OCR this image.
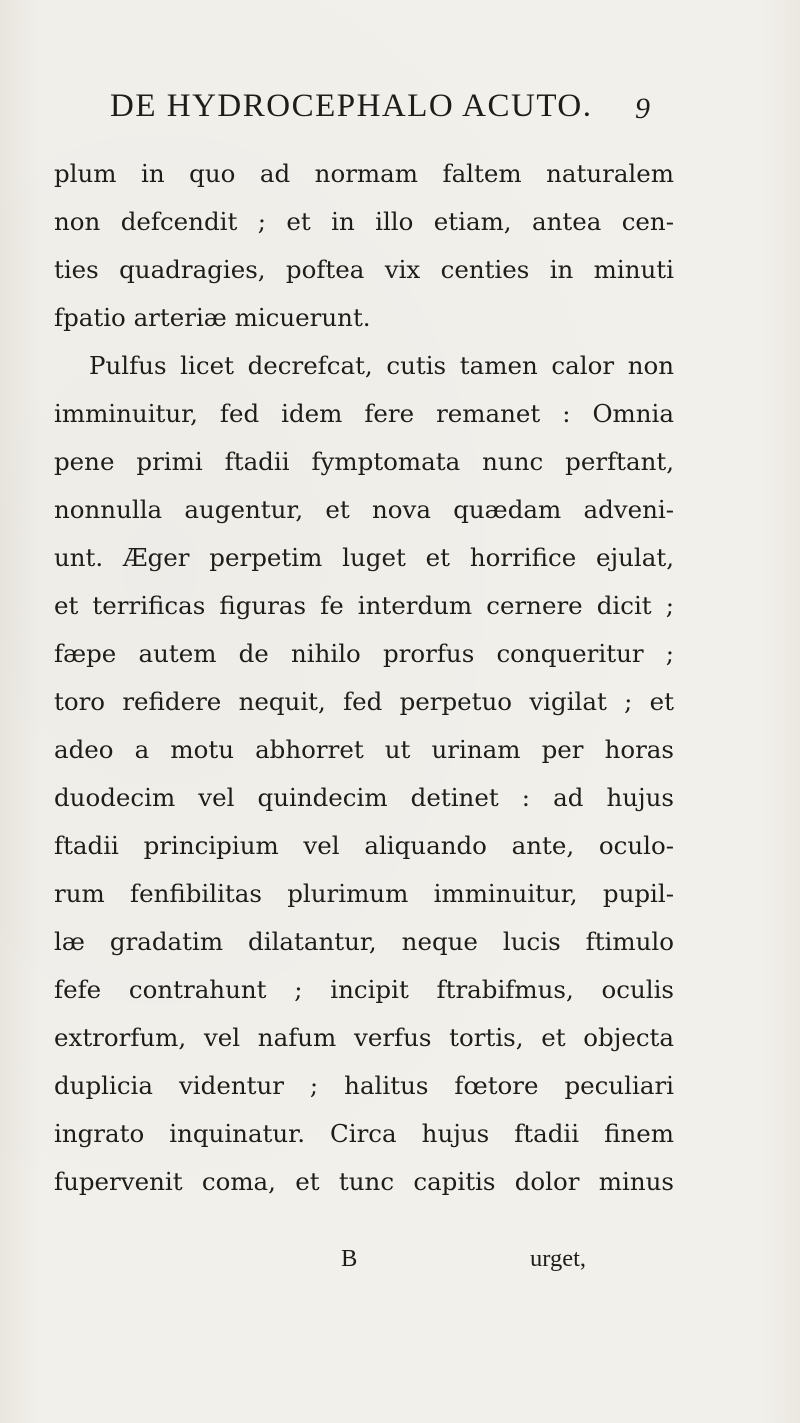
DE HYDROCEPHALO ACUTO. 9
plum in quo ad normam faltem naturalem
non defcendit ; et in illo etiam, antea cen-
ties quadragies, poftea vix centies in minuti
fpatio arteriæ micuerunt.
Pulfus licet decrefcat, cutis tamen calor non
imminuitur, fed idem fere remanet : Omnia
pene primi ftadii fymptomata nunc perftant,
nonnulla augentur, et nova quædam adveni-
unt. Æger perpetim luget et horrifice ejulat,
et terrificas figuras fe interdum cernere dicit ;
fæpe autem de nihilo prorfus conqueritur ;
toro refidere nequit, fed perpetuo vigilat ; et
adeo a motu abhorret ut urinam per horas
duodecim vel quindecim detinet : ad hujus
ftadii principium vel aliquando ante, oculo-
rum fenfibilitas plurimum imminuitur, pupil-
læ gradatim dilatantur, neque lucis ftimulo
fefe contrahunt ; incipit ftrabifmus, oculis
extrorfum, vel nafum verfus tortis, et objecta
duplicia videntur ; halitus fœtore peculiari
ingrato inquinatur. Circa hujus ftadii finem
fupervenit coma, et tunc capitis dolor minus
B	urget,
